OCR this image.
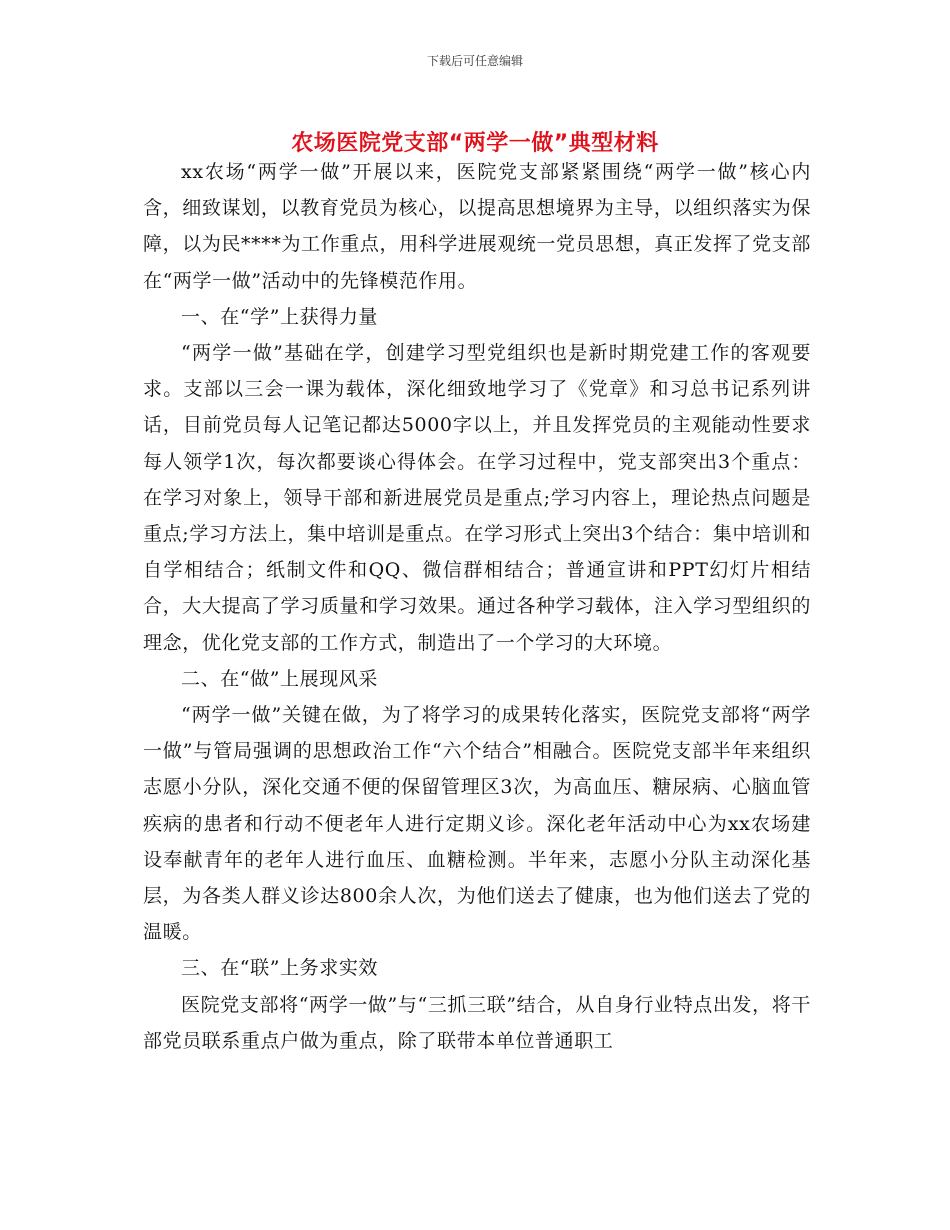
下载后可任意编辑
农场医院党支部“两学一做”典型材料

xx农场“两学一做”开展以来，医院党支部紧紧围绕“两学一做”核心内含，细致谋划，以教育党员为核心，以提高思想境界为主导，以组织落实为保障，以为民****为工作重点，用科学进展观统一党员思想，真正发挥了党支部在“两学一做”活动中的先锋模范作用。

一、在“学”上获得力量

“两学一做”基础在学，创建学习型党组织也是新时期党建工作的客观要求。支部以三会一课为载体，深化细致地学习了《党章》和习总书记系列讲话，目前党员每人记笔记都达5000字以上，并且发挥党员的主观能动性要求每人领学1次，每次都要谈心得体会。在学习过程中，党支部突出3个重点：在学习对象上，领导干部和新进展党员是重点;学习内容上，理论热点问题是重点;学习方法上，集中培训是重点。在学习形式上突出3个结合：集中培训和自学相结合；纸制文件和QQ、微信群相结合；普通宣讲和PPT幻灯片相结合，大大提高了学习质量和学习效果。通过各种学习载体，注入学习型组织的理念，优化党支部的工作方式，制造出了一个学习的大环境。

二、在“做”上展现风采

“两学一做”关键在做，为了将学习的成果转化落实，医院党支部将“两学一做”与管局强调的思想政治工作“六个结合”相融合。医院党支部半年来组织志愿小分队，深化交通不便的保留管理区3次，为高血压、糖尿病、心脑血管疾病的患者和行动不便老年人进行定期义诊。深化老年活动中心为xx农场建设奉献青年的老年人进行血压、血糖检测。半年来，志愿小分队主动深化基层，为各类人群义诊达800余人次，为他们送去了健康，也为他们送去了党的温暖。

三、在“联”上务求实效

医院党支部将“两学一做”与“三抓三联”结合，从自身行业特点出发，将干部党员联系重点户做为重点，除了联带本单位普通职工
